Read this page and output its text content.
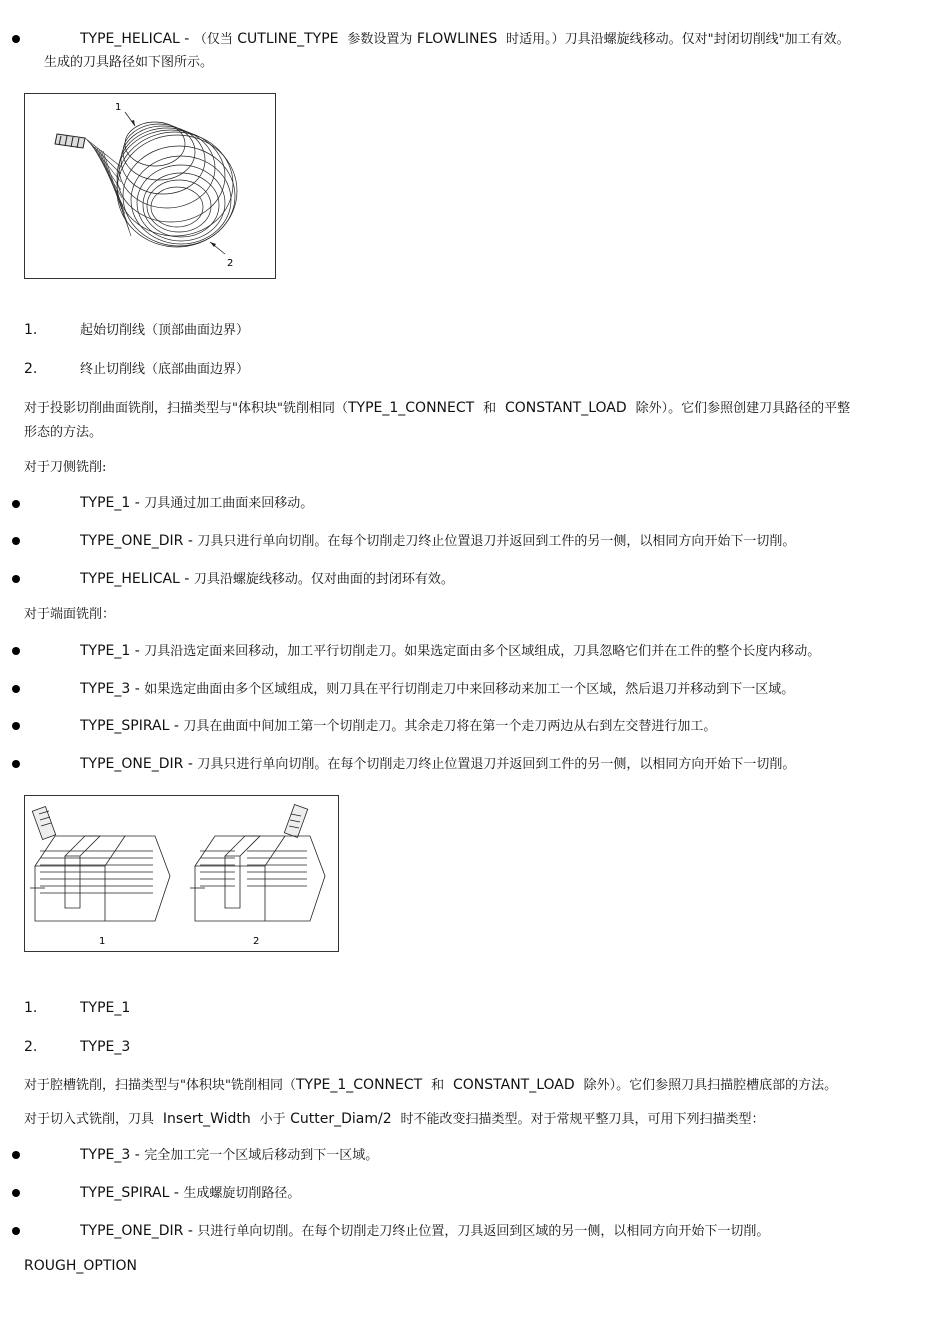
TYPE_HELICAL - （仅当 CUTLINE_TYPE 参数设置为 FLOWLINES 时适用。）刀具沿螺旋线移动。仅对"封闭切削线"加工有效。
生成的刀具路径如下图所示。
1
2
1.	起始切削线（顶部曲面边界）
2.	终止切削线（底部曲面边界）
对于投影切削曲面铣削，扫描类型与"体积块"铣削相同（TYPE_1_CONNECT 和 CONSTANT_LOAD 除外）。它们参照创建刀具路径的平整
形态的方法。
对于刀侧铣削:
TYPE_1 - 刀具通过加工曲面来回移动。
TYPE_ONE_DIR - 刀具只进行单向切削。在每个切削走刀终止位置退刀并返回到工件的另一侧，以相同方向开始下一切削。
TYPE_HELICAL - 刀具沿螺旋线移动。仅对曲面的封闭环有效。
对于端面铣削：
TYPE_1 - 刀具沿选定面来回移动，加工平行切削走刀。如果选定面由多个区域组成，刀具忽略它们并在工件的整个长度内移动。
TYPE_3 - 如果选定曲面由多个区域组成，则刀具在平行切削走刀中来回移动来加工一个区域，然后退刀并移动到下一区域。
TYPE_SPIRAL - 刀具在曲面中间加工第一个切削走刀。其余走刀将在第一个走刀两边从右到左交替进行加工。
TYPE_ONE_DIR - 刀具只进行单向切削。在每个切削走刀终止位置退刀并返回到工件的另一侧，以相同方向开始下一切削。
1	2
1.	TYPE_1
2.	TYPE_3
对于腔槽铣削，扫描类型与"体积块"铣削相同（TYPE_1_CONNECT 和 CONSTANT_LOAD 除外）。它们参照刀具扫描腔槽底部的方法。
对于切入式铣削，刀具 Insert_Width 小于 Cutter_Diam/2 时不能改变扫描类型。对于常规平整刀具，可用下列扫描类型：
TYPE_3 - 完全加工完一个区域后移动到下一区域。
TYPE_SPIRAL - 生成螺旋切削路径。
TYPE_ONE_DIR - 只进行单向切削。在每个切削走刀终止位置，刀具返回到区域的另一侧，以相同方向开始下一切削。
ROUGH_OPTION
